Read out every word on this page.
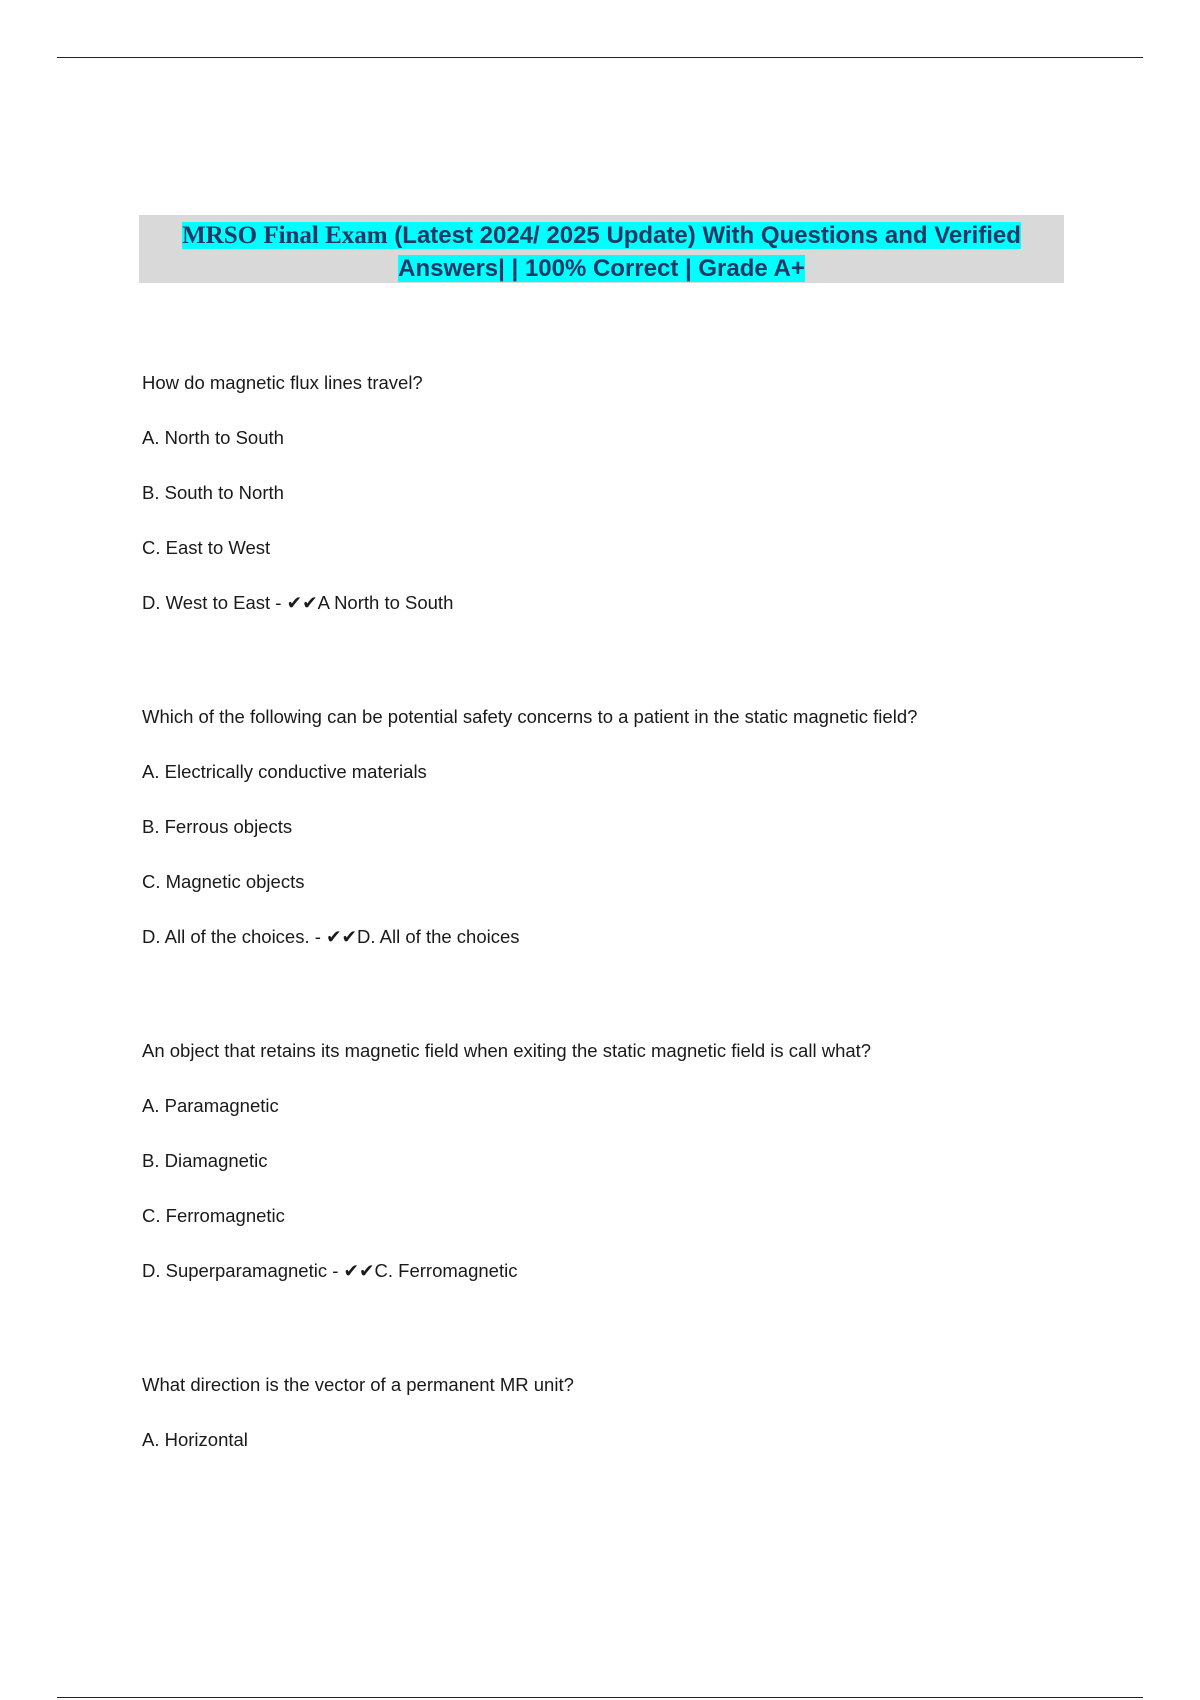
MRSO Final Exam (Latest 2024/ 2025 Update) With Questions and Verified
Answers| | 100% Correct | Grade A+
How do magnetic flux lines travel?
A. North to South
B. South to North
C. East to West
D. West to East - ✔✔A North to South
Which of the following can be potential safety concerns to a patient in the static magnetic field?
A. Electrically conductive materials
B. Ferrous objects
C. Magnetic objects
D. All of the choices. - ✔✔D. All of the choices
An object that retains its magnetic field when exiting the static magnetic field is call what?
A. Paramagnetic
B. Diamagnetic
C. Ferromagnetic
D. Superparamagnetic - ✔✔C. Ferromagnetic
What direction is the vector of a permanent MR unit?
A. Horizontal
